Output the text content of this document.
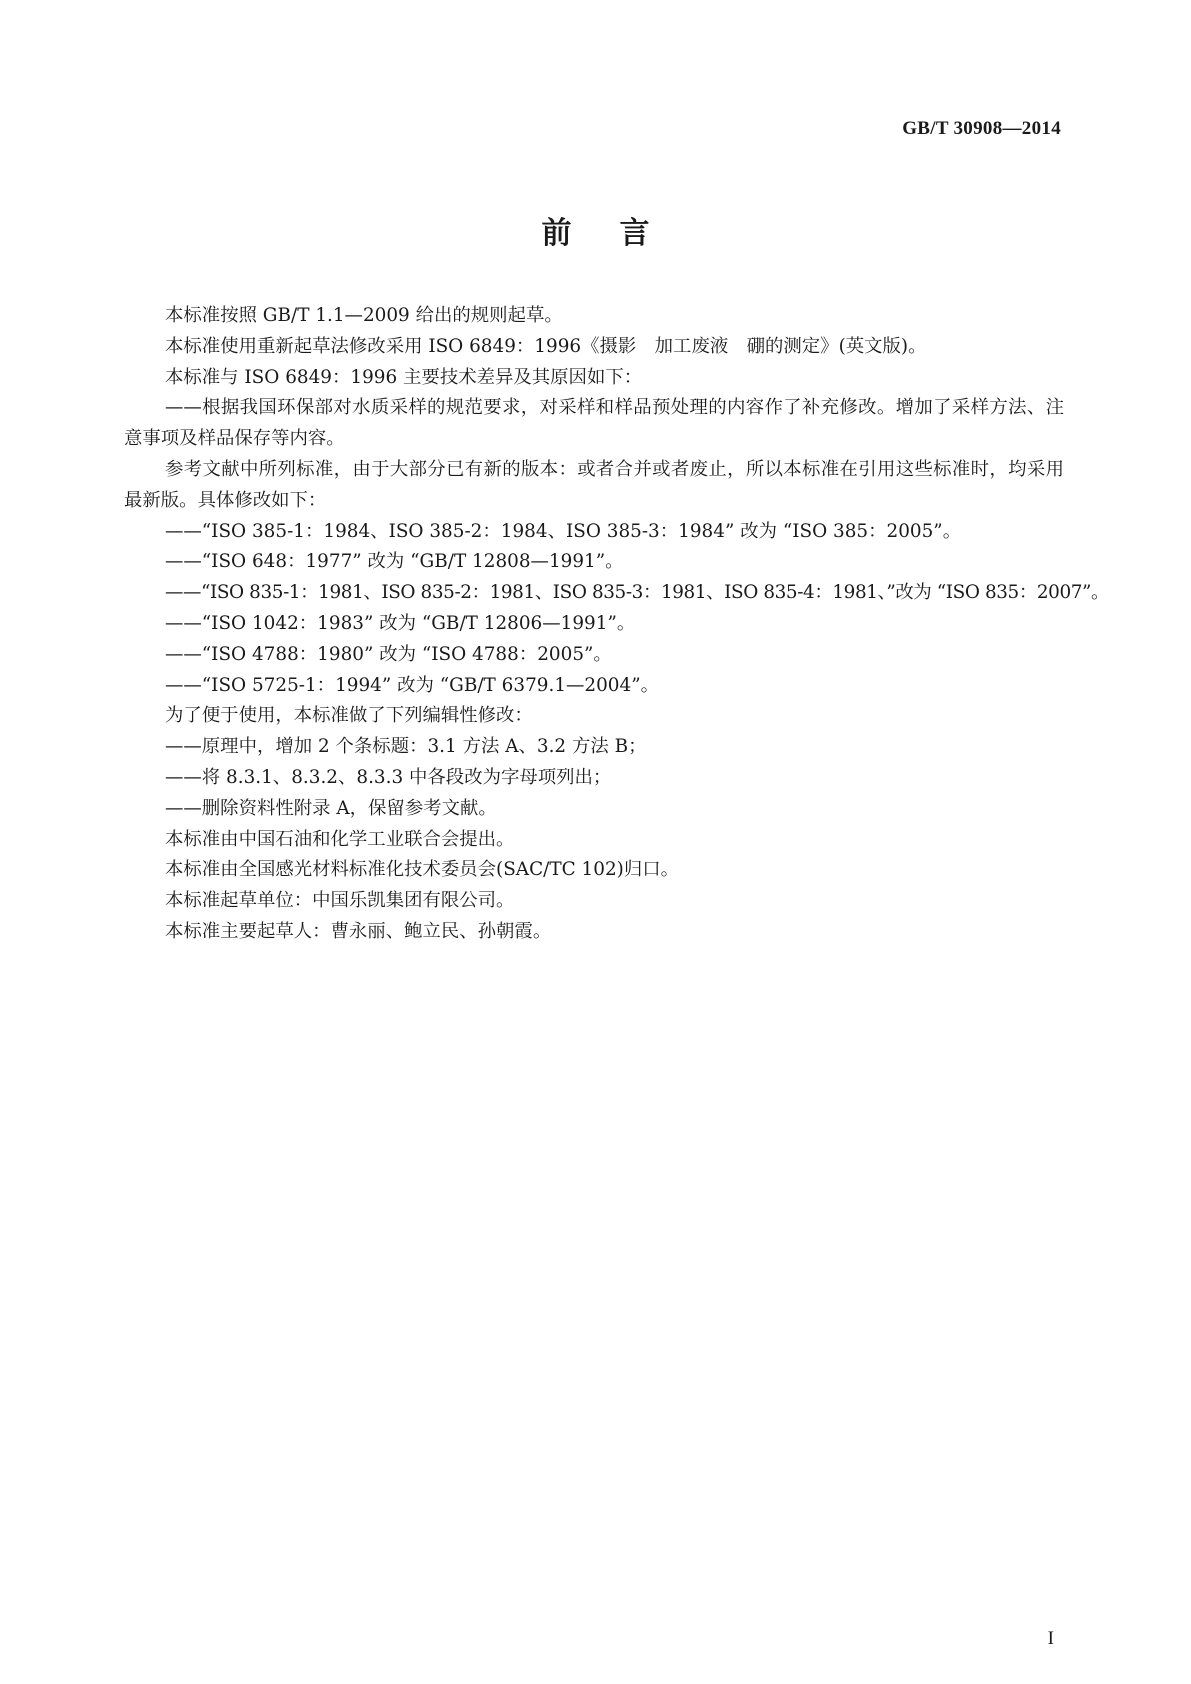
GB/T 30908—2014
前言

本标准按照 GB/T 1.1—2009 给出的规则起草。

本标准使用重新起草法修改采用 ISO 6849：1996《摄影　加工废液　硼的测定》(英文版)。

本标准与 ISO 6849：1996 主要技术差异及其原因如下：

——根据我国环保部对水质采样的规范要求，对采样和样品预处理的内容作了补充修改。增加了采样方法、注意事项及样品保存等内容。

参考文献中所列标准，由于大部分已有新的版本：或者合并或者废止，所以本标准在引用这些标准时，均采用最新版。具体修改如下：

——“ISO 385-1：1984、ISO 385-2：1984、ISO 385-3：1984” 改为 “ISO 385：2005”。

——“ISO 648：1977” 改为 “GB/T 12808—1991”。

——“ISO 835-1：1981、ISO 835-2：1981、ISO 835-3：1981、ISO 835-4：1981、”改为 “ISO 835：2007”。

——“ISO 1042：1983” 改为 “GB/T 12806—1991”。

——“ISO 4788：1980” 改为 “ISO 4788：2005”。

——“ISO 5725-1：1994” 改为 “GB/T 6379.1—2004”。

为了便于使用，本标准做了下列编辑性修改：

——原理中，增加 2 个条标题：3.1 方法 A、3.2 方法 B；

——将 8.3.1、8.3.2、8.3.3 中各段改为字母项列出；

——删除资料性附录 A，保留参考文献。

本标准由中国石油和化学工业联合会提出。

本标准由全国感光材料标准化技术委员会(SAC/TC 102)归口。

本标准起草单位：中国乐凯集团有限公司。

本标准主要起草人：曹永丽、鲍立民、孙朝霞。

I
